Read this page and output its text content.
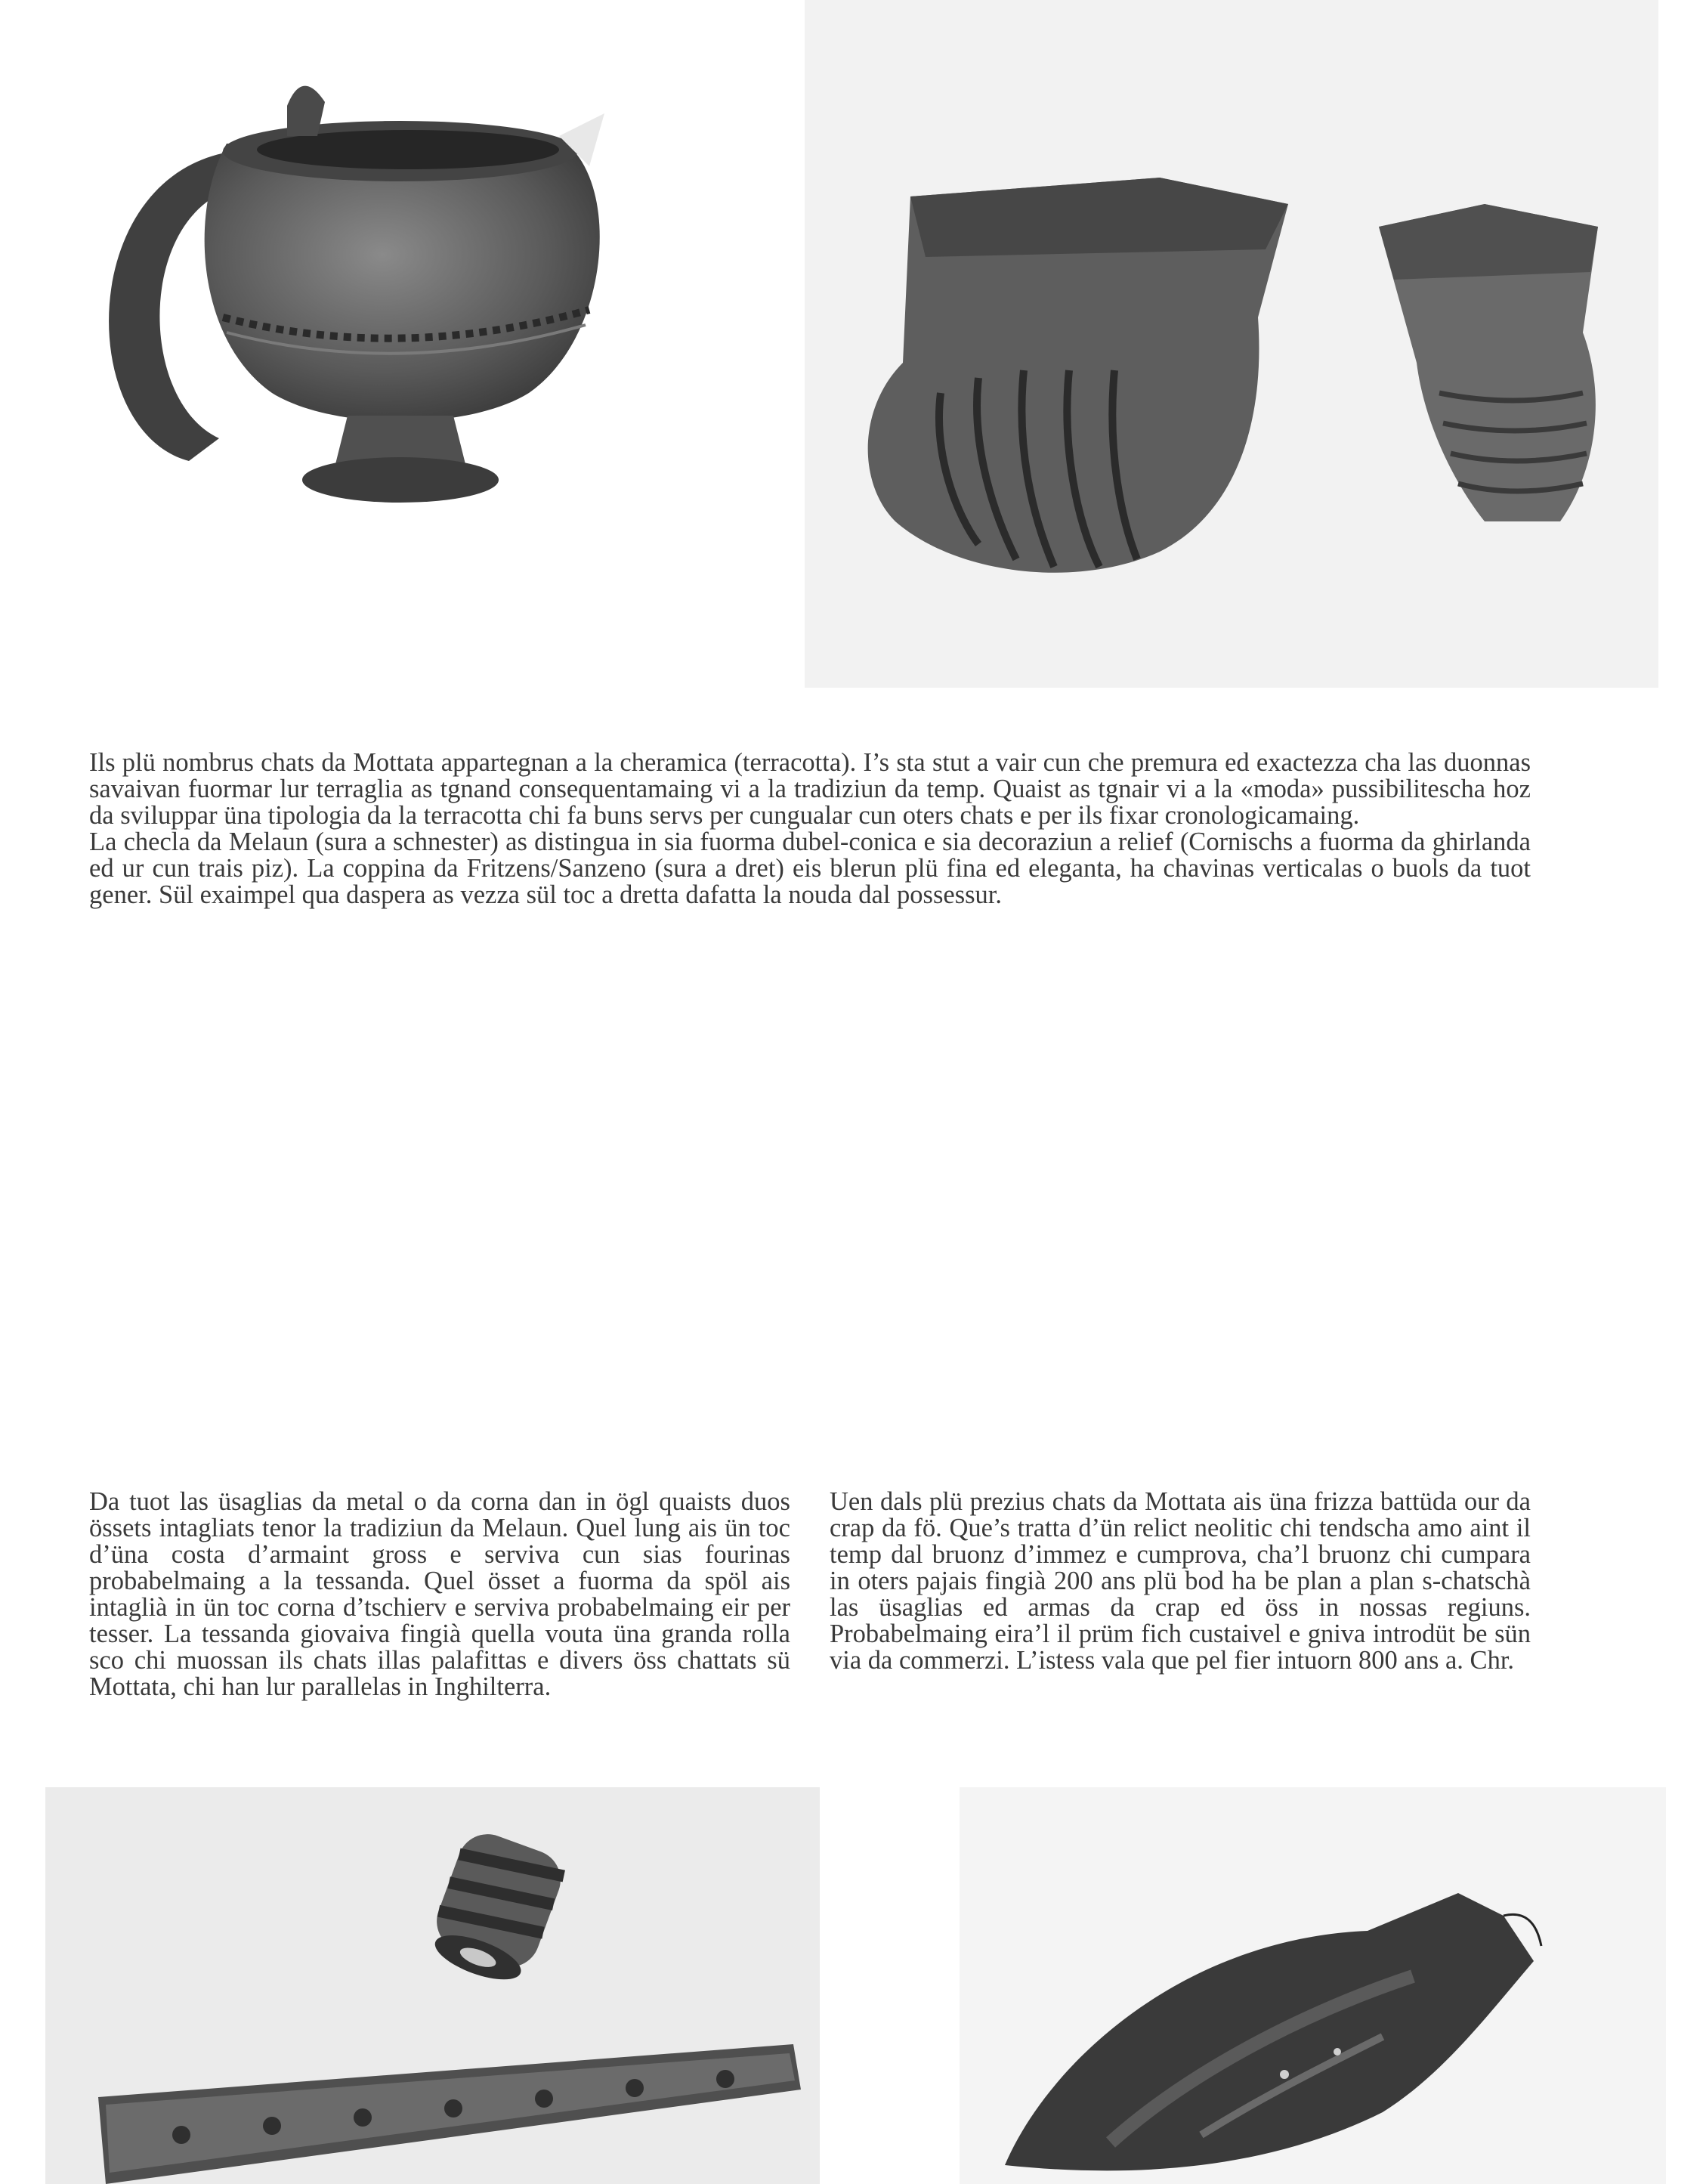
Ils plü nombrus chats da Mottata appartegnan a la cheramica (terracotta). I’s sta stut a vair cun che premura ed exactezza cha las duonnas savaivan fuormar lur terraglia as tgnand consequentamaing vi a la tradiziun da temp. Quaist as tgnair vi a la «moda» pussibilitescha hoz da sviluppar üna tipologia da la terracotta chi fa buns servs per cungualar cun oters chats e per ils fixar cronologicamaing.

La checla da Melaun (sura a schnester) as distingua in sia fuorma dubel-conica e sia decoraziun a relief (Cornischs a fuorma da ghirlanda ed ur cun trais piz). La coppina da Fritzens/Sanzeno (sura a dret) eis blerun plü fina ed eleganta, ha chavinas verticalas o buols da tuot gener. Sül exaimpel qua daspera as vezza sül toc a dretta dafatta la nouda dal possessur.

Da tuot las üsaglias da metal o da corna dan in ögl quaists duos össets intagliats tenor la tradiziun da Melaun. Quel lung ais ün toc d’üna costa d’armaint gross e serviva cun sias fourinas probabelmaing a la tessanda. Quel össet a fuorma da spöl ais intaglià in ün toc corna d’tschierv e serviva probabelmaing eir per tesser. La tessanda giovaiva fingià quella vouta üna granda rolla sco chi muossan ils chats illas palafittas e divers öss chattats sü Mottata, chi han lur parallelas in Inghilterra.

Uen dals plü prezius chats da Mottata ais üna frizza battüda our da crap da fö. Que’s tratta d’ün relict neolitic chi tendscha amo aint il temp dal bruonz d’immez e cumprova, cha’l bruonz chi cumpara in oters pajais fingià 200 ans plü bod ha be plan a plan s-chatschà las üsaglias ed armas da crap ed öss in nossas regiuns. Probabelmaing eira’l il prüm fich custaivel e gniva introdüt be sün via da commerzi. L’istess vala que pel fier intuorn 800 ans a. Chr.
